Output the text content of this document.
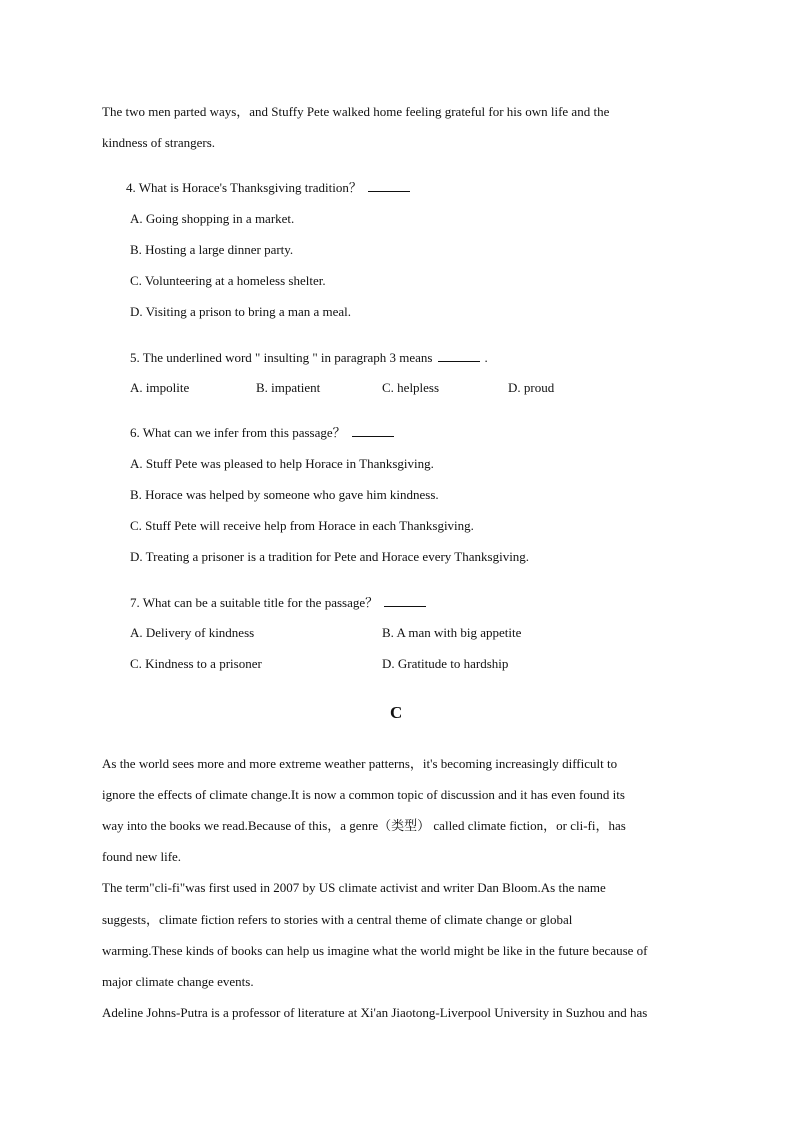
The two men parted ways，and Stuffy Pete walked home feeling grateful for his own life and the
kindness of strangers.
4. What is Horace's Thanksgiving tradition？
A. Going shopping in a market.
B. Hosting a large dinner party.
C. Volunteering at a homeless shelter.
D. Visiting a prison to bring a man a meal.
5. The underlined word " insulting " in paragraph 3 means	.
A. impolite	B. impatient	C. helpless	D. proud
6. What can we infer from this passage？
A. Stuff Pete was pleased to help Horace in Thanksgiving.
B. Horace was helped by someone who gave him kindness.
C. Stuff Pete will receive help from Horace in each Thanksgiving.
D. Treating a prisoner is a tradition for Pete and Horace every Thanksgiving.
7. What can be a suitable title for the passage？
A. Delivery of kindness	B. A man with big appetite
C. Kindness to a prisoner	D. Gratitude to hardship
C
As the world sees more and more extreme weather patterns，it's becoming increasingly difficult to
ignore the effects of climate change.It is now a common topic of discussion and it has even found its
way into the books we read.Because of this，a genre（类型） called climate fiction，or cli-fi，has
found new life.
The term"cli-fi"was first used in 2007 by US climate activist and writer Dan Bloom.As the name
suggests，climate fiction refers to stories with a central theme of climate change or global
warming.These kinds of books can help us imagine what the world might be like in the future because of
major climate change events.
Adeline Johns-Putra is a professor of literature at Xi'an Jiaotong-Liverpool University in Suzhou and has
